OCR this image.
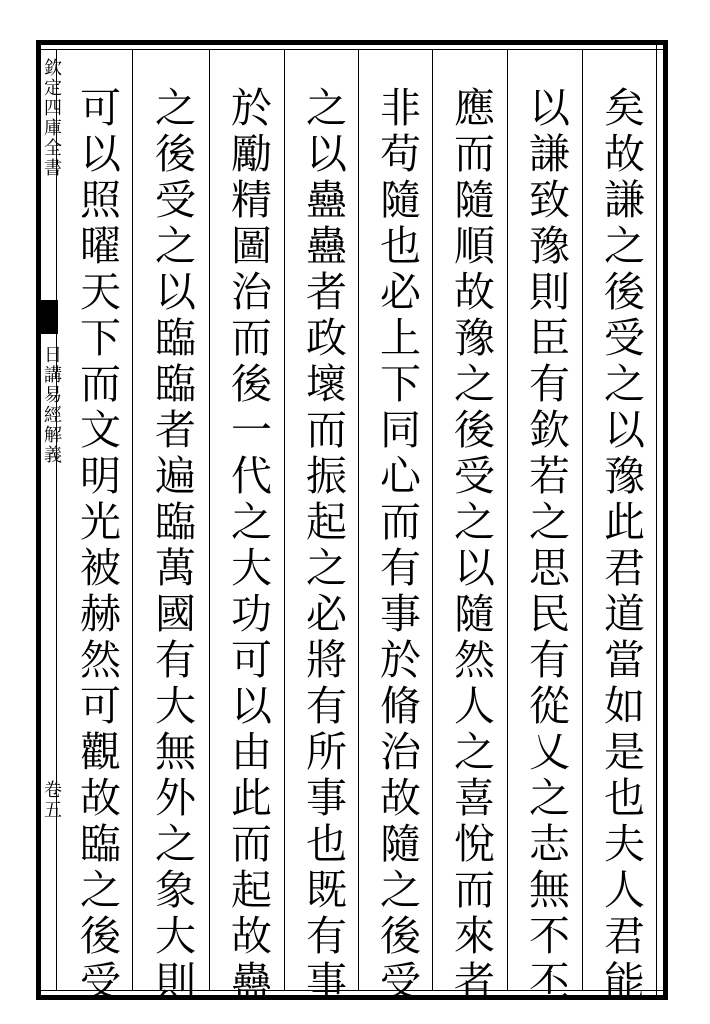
欽定四庫全書
日講易經解義
卷五	矣故謙之後受之以豫此君道當如是也夫人君能
以謙致豫則臣有欽若之思民有從乂之志無不丕
應而隨順故豫之後受之以隨然人之喜悅而來者
非苟隨也必上下同心而有事於脩治故隨之後受
之以蠱蠱者政壞而振起之必將有所事也既有事
於勵精圖治而後一代之大功可以由此而起故蠱
之後受之以臨臨者遍臨萬國有大無外之象大則
可以照曜天下而文明光被赫然可觀故臨之後受
